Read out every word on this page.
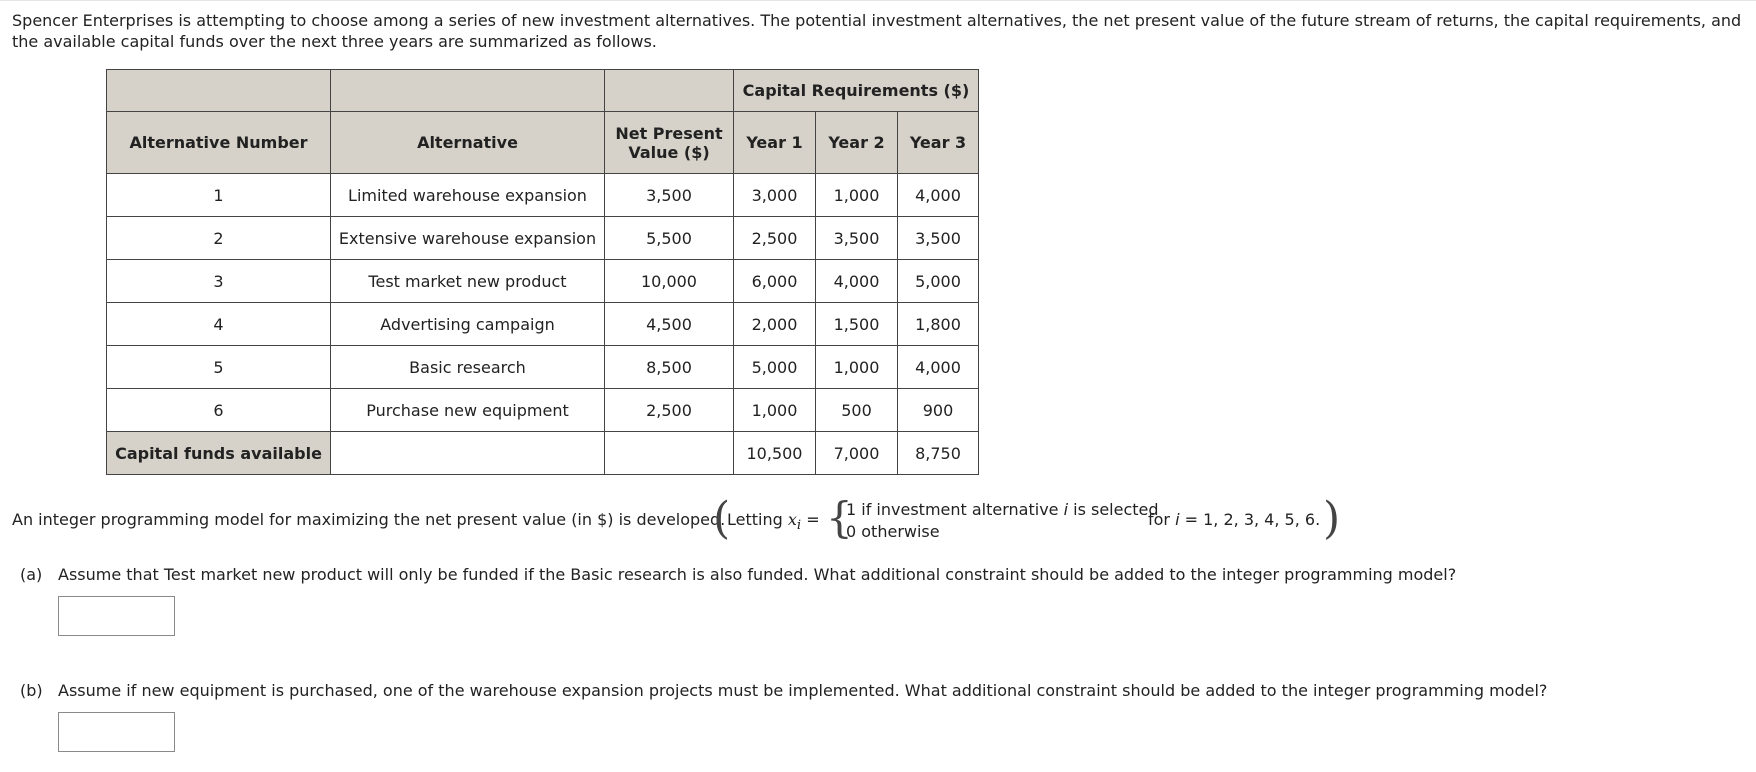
Spencer Enterprises is attempting to choose among a series of new investment alternatives. The potential investment alternatives, the net present value of the future stream of returns, the capital requirements, and the available capital funds over the next three years are summarized as follows.
			Capital Requirements ($)		
Alternative Number	Alternative	Net Present Value ($)	Year 1	Year 2	Year 3
1	Limited warehouse expansion	3,500	3,000	1,000	4,000
2	Extensive warehouse expansion	5,500	2,500	3,500	3,500
3	Test market new product	10,000	6,000	4,000	5,000
4	Advertising campaign	4,500	2,000	1,500	1,800
5	Basic research	8,500	5,000	1,000	4,000
6	Purchase new equipment	2,500	1,000	500	900
Capital funds available			10,500	7,000	8,750
An integer programming model for maximizing the net present value (in $) is developed.
(
Letting $x_i$ = {
1 if investment alternative i is selected
0 otherwise
for i = 1, 2, 3, 4, 5, 6. )
(a) Assume that Test market new product will only be funded if the Basic research is also funded. What additional constraint should be added to the integer programming model?
(b) Assume if new equipment is purchased, one of the warehouse expansion projects must be implemented. What additional constraint should be added to the integer programming model?
